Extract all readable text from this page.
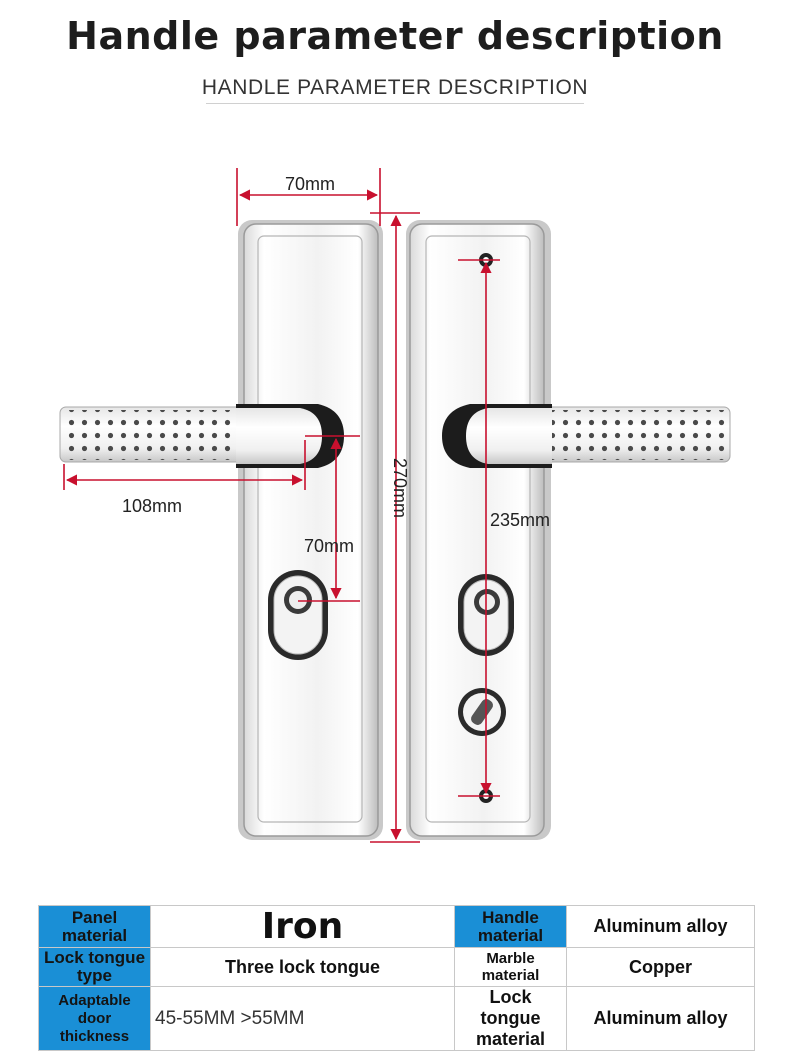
Handle parameter description
HANDLE PARAMETER DESCRIPTION
70mm
108mm
70mm
270mm
235mm
Panel material	Iron	Handle material	Aluminum alloy
Lock tongue type	Three lock tongue	Marble material	Copper
Adaptable door thickness	45-55MM >55MM	Lock tongue material	Aluminum alloy
